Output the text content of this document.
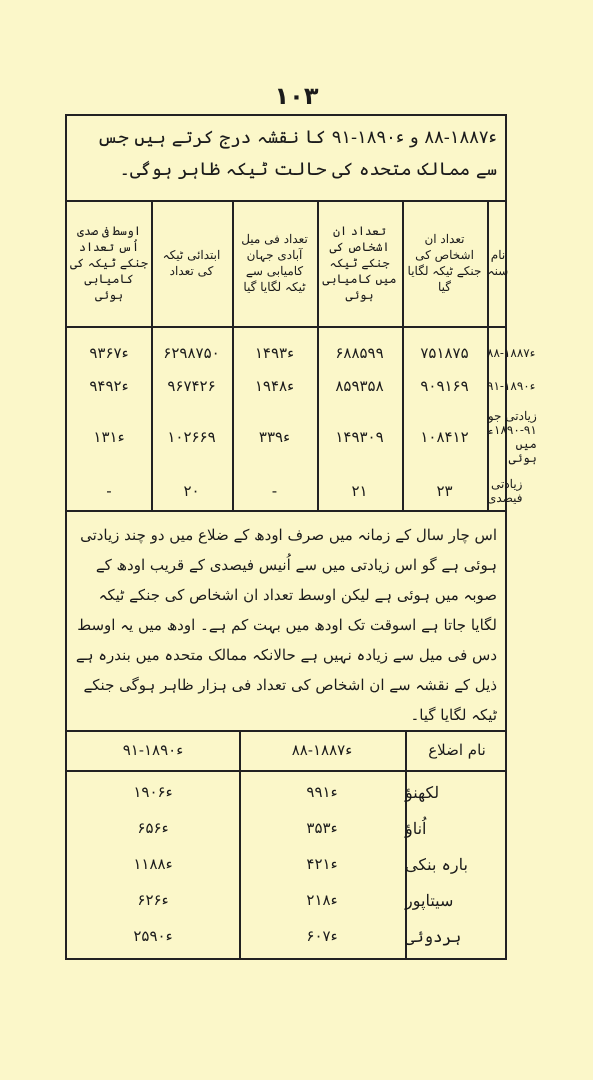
۱۰۳
ء۱۸۸۷-۸۸ و ء۱۸۹۰-۹۱ کا نقشہ درج کرتے ہیں جس سے ممالک متحدہ کی حالت ٹیکہ ظاہر ہوگی۔
اوسط فی صدی اُس تعداد جنکے ٹیکہ کی کامیابی ہوئی
ابتدائی ٹیکہ کی تعداد
تعداد فی میل آبادی جہان کامیابی سے ٹیکہ لگایا گیا
تعداد ان اشخاص کی جنکے ٹیکہ میں کامیابی ہوئی
تعداد ان اشخاص کی جنکے ٹیکہ لگایا گیا
نام سنہ
ء۱۸۸۷-۸۸
۷۵۱۸۷۵
۶۸۸۵۹۹
۱۴ء۹۳
۶۲۹۸۷۵۰
۹۳ء۶۷
ء۱۸۹۰-۹۱
۹۰۹۱۶۹
۸۵۹۳۵۸
۱۹ء۴۸
۹۶۷۴۲۶
۹۴ء۹۲
زیادتی جو ۹۱-۱۸۹۰ء میں ہوئی
۱۰۸۴۱۲
۱۴۹۳۰۹
۳ء۳۹
۱۰۲۶۶۹
۱ء۳۱
زیادتی فیصدی
۲۳
۲۱
-
۲۰
-
اس چار سال کے زمانہ میں صرف اودھ کے ضلاع میں دو چند زیادتی ہوئی ہے گو اس زیادتی میں سے اُنیس فیصدی کے قریب اودھ کے صوبہ میں ہوئی ہے لیکن اوسط تعداد ان اشخاص کی جنکے ٹیکہ لگایا جاتا ہے اسوقت تک اودھ میں بہت کم ہے۔ اودھ میں یہ اوسط دس فی میل سے زیادہ نہیں ہے حالانکہ ممالک متحدہ میں بندرہ ہے ذیل کے نقشہ سے ان اشخاص کی تعداد فی ہزار ظاہر ہوگی جنکے ٹیکہ لگایا گیا۔
نام اضلاع
ء۱۸۸۷-۸۸
ء۱۸۹۰-۹۱
لکھنؤ
۹ء۹۱
۱۹ء۰۶
اُناؤ
۳ء۵۳
۶ء۵۶
بارہ بنکی
۴ء۲۱
۱۱ء۸۸
سیتاپور
۲ء۱۸
۶ء۲۶
ہردوئی
۶ء۰۷
۲۵ء۹۰
